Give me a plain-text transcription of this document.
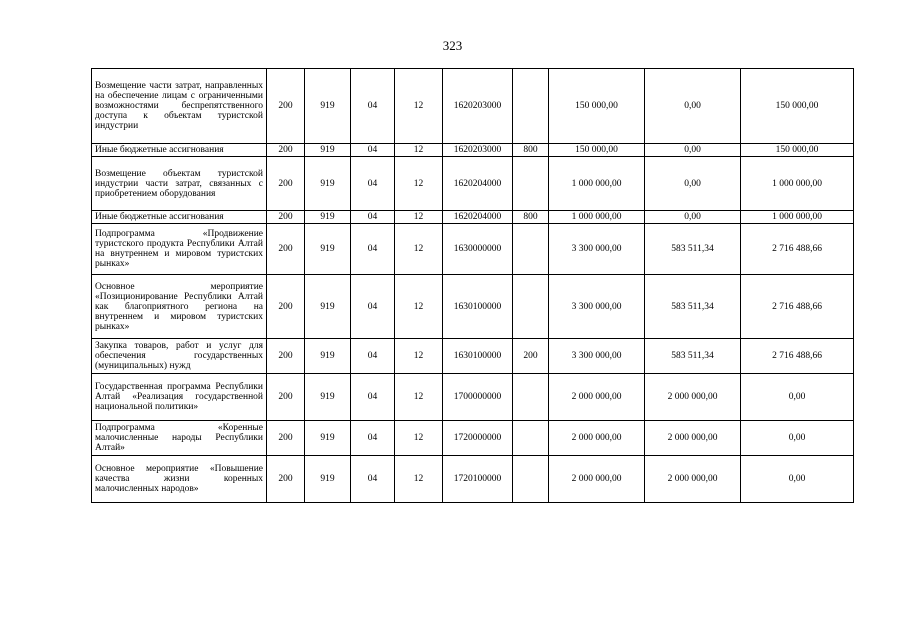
323
Возмещение части затрат, направленных на обеспечение лицам с ограниченными возможностями беспрепятственного доступа к объектам туристской индустрии	200	919	04	12	1620203000		150 000,00	0,00	150 000,00
Иные бюджетные ассигнования	200	919	04	12	1620203000	800	150 000,00	0,00	150 000,00
Возмещение объектам туристской индустрии части затрат, связанных с приобретением оборудования	200	919	04	12	1620204000		1 000 000,00	0,00	1 000 000,00
Иные бюджетные ассигнования	200	919	04	12	1620204000	800	1 000 000,00	0,00	1 000 000,00
Подпрограмма «Продвижение туристского продукта Республики Алтай на внутреннем и мировом туристских рынках»	200	919	04	12	1630000000		3 300 000,00	583 511,34	2 716 488,66
Основное мероприятие «Позиционирование Республики Алтай как благоприятного региона на внутреннем и мировом туристских рынках»	200	919	04	12	1630100000		3 300 000,00	583 511,34	2 716 488,66
Закупка товаров, работ и услуг для обеспечения государственных (муниципальных) нужд	200	919	04	12	1630100000	200	3 300 000,00	583 511,34	2 716 488,66
Государственная программа Республики Алтай «Реализация государственной национальной политики»	200	919	04	12	1700000000		2 000 000,00	2 000 000,00	0,00
Подпрограмма «Коренные малочисленные народы Республики Алтай»	200	919	04	12	1720000000		2 000 000,00	2 000 000,00	0,00
Основное мероприятие «Повышение качества жизни коренных малочисленных народов»	200	919	04	12	1720100000		2 000 000,00	2 000 000,00	0,00
